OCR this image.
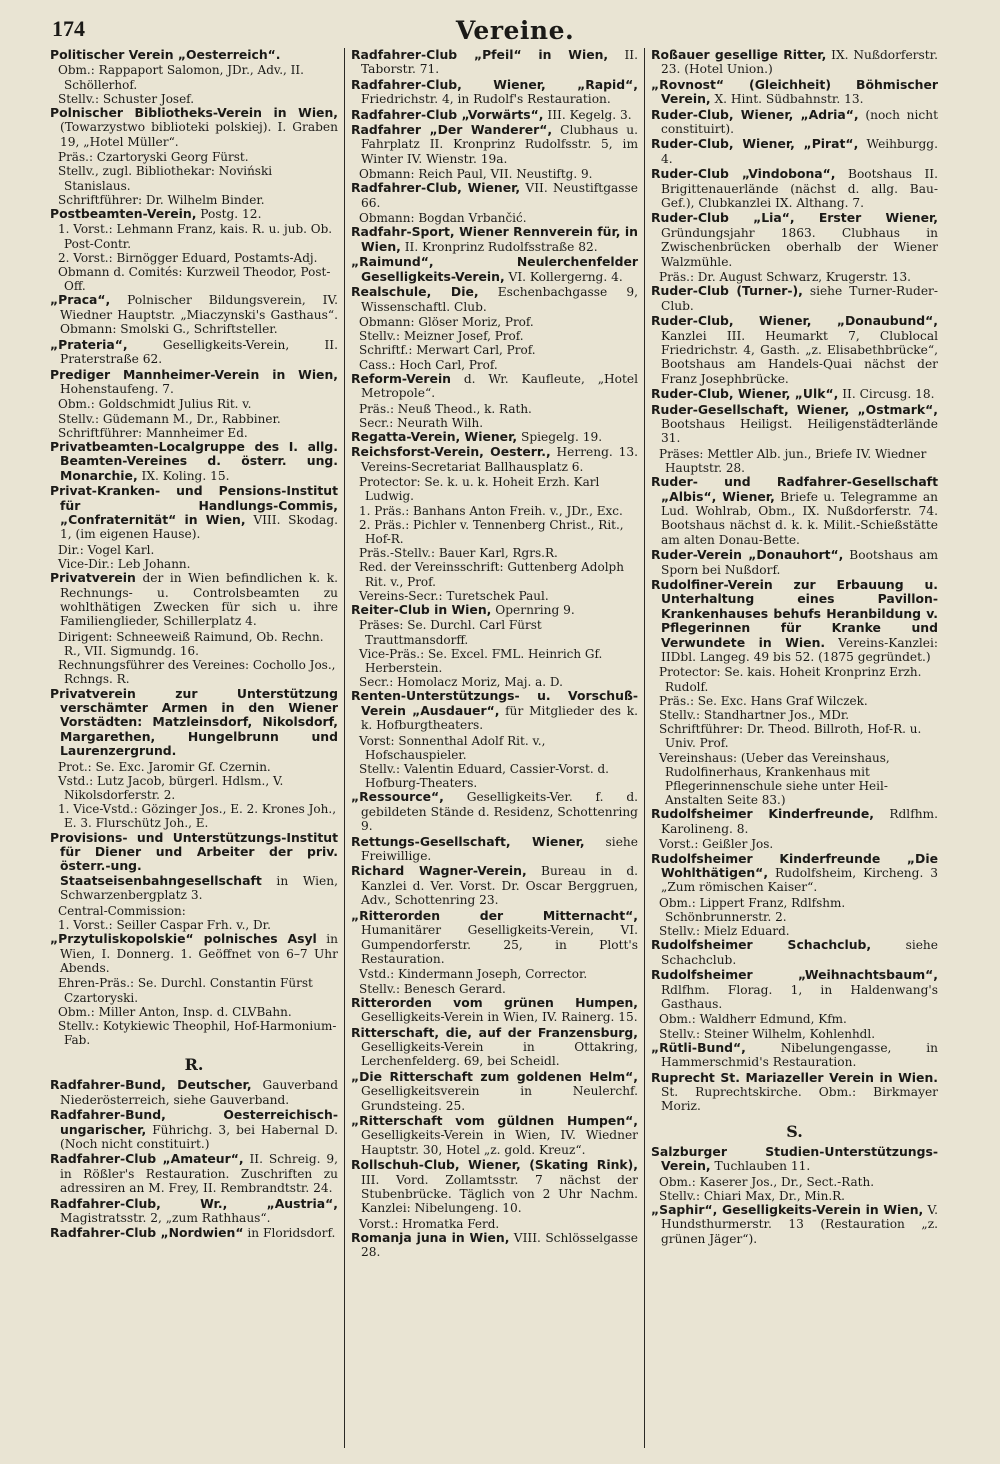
174	Vereine.

Politischer Verein „Oesterreich“.

Obm.: Rappaport Salomon, JDr., Adv., II. Schöllerhof.

Stellv.: Schuster Josef.

Polnischer Bibliotheks-Verein in Wien, (Towarzystwo biblioteki polskiej). I. Graben 19, „Hotel Müller“.

Präs.: Czartoryski Georg Fürst.

Stellv., zugl. Bibliothekar: Noviński Stanislaus.

Schriftführer: Dr. Wilhelm Binder.

Postbeamten-Verein, Postg. 12.

1. Vorst.: Lehmann Franz, kais. R. u. jub. Ob. Post-Contr.

2. Vorst.: Birnögger Eduard, Postamts-Adj.

Obmann d. Comités: Kurzweil Theodor, Post-Off.

„Praca“, Polnischer Bildungsverein, IV. Wiedner Hauptstr. „Miaczynski's Gasthaus“. Obmann: Smolski G., Schriftsteller.

„Prateria“, Geselligkeits-Verein, II. Praterstraße 62.

Prediger Mannheimer-Verein in Wien, Hohenstaufeng. 7.

Obm.: Goldschmidt Julius Rit. v.

Stellv.: Güdemann M., Dr., Rabbiner.

Schriftführer: Mannheimer Ed.

Privatbeamten-Localgruppe des I. allg. Beamten-Vereines d. österr. ung. Monarchie, IX. Koling. 15.

Privat-Kranken- und Pensions-Institut für Handlungs-Commis, „Confraternität“ in Wien, VIII. Skodag. 1, (im eigenen Hause).

Dir.: Vogel Karl.

Vice-Dir.: Leb Johann.

Privatverein der in Wien befindlichen k. k. Rechnungs- u. Controlsbeamten zu wohlthätigen Zwecken für sich u. ihre Familienglieder, Schillerplatz 4.

Dirigent: Schneeweiß Raimund, Ob. Rechn. R., VII. Sigmundg. 16.

Rechnungsführer des Vereines: Cochollo Jos., Rchngs. R.

Privatverein zur Unterstützung verschämter Armen in den Wiener Vorstädten: Matzleinsdorf, Nikolsdorf, Margarethen, Hungelbrunn und Laurenzergrund.

Prot.: Se. Exc. Jaromir Gf. Czernin.

Vstd.: Lutz Jacob, bürgerl. Hdlsm., V. Nikolsdorferstr. 2.

1. Vice-Vstd.: Gözinger Jos., E. 2. Krones Joh., E. 3. Flurschütz Joh., E.

Provisions- und Unterstützungs-Institut für Diener und Arbeiter der priv. österr.-ung. Staatseisenbahngesellschaft in Wien, Schwarzenbergplatz 3.

Central-Commission:

1. Vorst.: Seiller Caspar Frh. v., Dr.

„Przytuliskopolskie“ polnisches Asyl in Wien, I. Donnerg. 1. Geöffnet von 6–7 Uhr Abends.

Ehren-Präs.: Se. Durchl. Constantin Fürst Czartoryski.

Obm.: Miller Anton, Insp. d. CLVBahn.

Stellv.: Kotykiewic Theophil, Hof-Harmonium-Fab.

R.

Radfahrer-Bund, Deutscher, Gauverband Niederösterreich, siehe Gauverband.

Radfahrer-Bund, Oesterreichisch-ungarischer, Führichg. 3, bei Habernal D. (Noch nicht constituirt.)

Radfahrer-Club „Amateur“, II. Schreig. 9, in Rößler's Restauration. Zuschriften zu adressiren an M. Frey, II. Rembrandtstr. 24.

Radfahrer-Club, Wr., „Austria“, Magistratsstr. 2, „zum Rathhaus“.

Radfahrer-Club „Nordwien“ in Floridsdorf.

Radfahrer-Club „Pfeil“ in Wien, II. Taborstr. 71.

Radfahrer-Club, Wiener, „Rapid“, Friedrichstr. 4, in Rudolf's Restauration.

Radfahrer-Club „Vorwärts“, III. Kegelg. 3.

Radfahrer „Der Wanderer“, Clubhaus u. Fahrplatz II. Kronprinz Rudolfsstr. 5, im Winter IV. Wienstr. 19a.

Obmann: Reich Paul, VII. Neustiftg. 9.

Radfahrer-Club, Wiener, VII. Neustiftgasse 66.

Obmann: Bogdan Vrbančić.

Radfahr-Sport, Wiener Rennverein für, in Wien, II. Kronprinz Rudolfsstraße 82.

„Raimund“, Neulerchenfelder Geselligkeits-Verein, VI. Kollergerng. 4.

Realschule, Die, Eschenbachgasse 9, Wissenschaftl. Club.

Obmann: Glöser Moriz, Prof.

Stellv.: Meizner Josef, Prof.

Schriftf.: Merwart Carl, Prof.

Cass.: Hoch Carl, Prof.

Reform-Verein d. Wr. Kaufleute, „Hotel Metropole“.

Präs.: Neuß Theod., k. Rath.

Secr.: Neurath Wilh.

Regatta-Verein, Wiener, Spiegelg. 19.

Reichsforst-Verein, Oesterr., Herreng. 13. Vereins-Secretariat Ballhausplatz 6.

Protector: Se. k. u. k. Hoheit Erzh. Karl Ludwig.

1. Präs.: Banhans Anton Freih. v., JDr., Exc.

2. Präs.: Pichler v. Tennenberg Christ., Rit., Hof-R.

Präs.-Stellv.: Bauer Karl, Rgrs.R.

Red. der Vereinsschrift: Guttenberg Adolph Rit. v., Prof.

Vereins-Secr.: Turetschek Paul.

Reiter-Club in Wien, Opernring 9.

Präses: Se. Durchl. Carl Fürst Trauttmansdorff.

Vice-Präs.: Se. Excel. FML. Heinrich Gf. Herberstein.

Secr.: Homolacz Moriz, Maj. a. D.

Renten-Unterstützungs- u. Vorschuß-Verein „Ausdauer“, für Mitglieder des k. k. Hofburgtheaters.

Vorst: Sonnenthal Adolf Rit. v., Hofschauspieler.

Stellv.: Valentin Eduard, Cassier-Vorst. d. Hofburg-Theaters.

„Ressource“, Geselligkeits-Ver. f. d. gebildeten Stände d. Residenz, Schottenring 9.

Rettungs-Gesellschaft, Wiener, siehe Freiwillige.

Richard Wagner-Verein, Bureau in d. Kanzlei d. Ver. Vorst. Dr. Oscar Berggruen, Adv., Schottenring 23.

„Ritterorden der Mitternacht“, Humanitärer Geselligkeits-Verein, VI. Gumpendorferstr. 25, in Plott's Restauration.

Vstd.: Kindermann Joseph, Corrector.

Stellv.: Benesch Gerard.

Ritterorden vom grünen Humpen, Geselligkeits-Verein in Wien, IV. Rainerg. 15.

Ritterschaft, die, auf der Franzensburg, Geselligkeits-Verein in Ottakring, Lerchenfelderg. 69, bei Scheidl.

„Die Ritterschaft zum goldenen Helm“, Geselligkeitsverein in Neulerchf. Grundsteing. 25.

„Ritterschaft vom güldnen Humpen“, Geselligkeits-Verein in Wien, IV. Wiedner Hauptstr. 30, Hotel „z. gold. Kreuz“.

Rollschuh-Club, Wiener, (Skating Rink), III. Vord. Zollamtsstr. 7 nächst der Stubenbrücke. Täglich von 2 Uhr Nachm. Kanzlei: Nibelungeng. 10.

Vorst.: Hromatka Ferd.

Romanja juna in Wien, VIII. Schlösselgasse 28.

Roßauer gesellige Ritter, IX. Nußdorferstr. 23. (Hotel Union.)

„Rovnost“ (Gleichheit) Böhmischer Verein, X. Hint. Südbahnstr. 13.

Ruder-Club, Wiener, „Adria“, (noch nicht constituirt).

Ruder-Club, Wiener, „Pirat“, Weihburgg. 4.

Ruder-Club „Vindobona“, Bootshaus II. Brigittenauerlände (nächst d. allg. Bau-Gef.), Clubkanzlei IX. Althang. 7.

Ruder-Club „Lia“, Erster Wiener, Gründungsjahr 1863. Clubhaus in Zwischenbrücken oberhalb der Wiener Walzmühle.

Präs.: Dr. August Schwarz, Krugerstr. 13.

Ruder-Club (Turner-), siehe Turner-Ruder-Club.

Ruder-Club, Wiener, „Donaubund“, Kanzlei III. Heumarkt 7, Clublocal Friedrichstr. 4, Gasth. „z. Elisabethbrücke“, Bootshaus am Handels-Quai nächst der Franz Josephbrücke.

Ruder-Club, Wiener, „Ulk“, II. Circusg. 18.

Ruder-Gesellschaft, Wiener, „Ostmark“, Bootshaus Heiligst. Heiligenstädterlände 31.

Präses: Mettler Alb. jun., Briefe IV. Wiedner Hauptstr. 28.

Ruder- und Radfahrer-Gesellschaft „Albis“, Wiener, Briefe u. Telegramme an Lud. Wohlrab, Obm., IX. Nußdorferstr. 74. Bootshaus nächst d. k. k. Milit.-Schießstätte am alten Donau-Bette.

Ruder-Verein „Donauhort“, Bootshaus am Sporn bei Nußdorf.

Rudolfiner-Verein zur Erbauung u. Unterhaltung eines Pavillon-Krankenhauses behufs Heranbildung v. Pflegerinnen für Kranke und Verwundete in Wien. Vereins-Kanzlei: IIDbl. Langeg. 49 bis 52. (1875 gegründet.)

Protector: Se. kais. Hoheit Kronprinz Erzh. Rudolf.

Präs.: Se. Exc. Hans Graf Wilczek.

Stellv.: Standhartner Jos., MDr.

Schriftführer: Dr. Theod. Billroth, Hof-R. u. Univ. Prof.

Vereinshaus: (Ueber das Vereinshaus, Rudolfinerhaus, Krankenhaus mit Pflegerinnenschule siehe unter Heil-Anstalten Seite 83.)

Rudolfsheimer Kinderfreunde, Rdlfhm. Karolineng. 8.

Vorst.: Geißler Jos.

Rudolfsheimer Kinderfreunde „Die Wohlthätigen“, Rudolfsheim, Kircheng. 3 „Zum römischen Kaiser“.

Obm.: Lippert Franz, Rdlfshm. Schönbrunnerstr. 2.

Stellv.: Mielz Eduard.

Rudolfsheimer Schachclub, siehe Schachclub.

Rudolfsheimer „Weihnachtsbaum“, Rdlfhm. Florag. 1, in Haldenwang's Gasthaus.

Obm.: Waldherr Edmund, Kfm.

Stellv.: Steiner Wilhelm, Kohlenhdl.

„Rütli-Bund“, Nibelungengasse, in Hammerschmid's Restauration.

Ruprecht St. Mariazeller Verein in Wien. St. Ruprechtskirche. Obm.: Birkmayer Moriz.

S.

Salzburger Studien-Unterstützungs-Verein, Tuchlauben 11.

Obm.: Kaserer Jos., Dr., Sect.-Rath.

Stellv.: Chiari Max, Dr., Min.R.

„Saphir“, Geselligkeits-Verein in Wien, V. Hundsthurmerstr. 13 (Restauration „z. grünen Jäger“).
